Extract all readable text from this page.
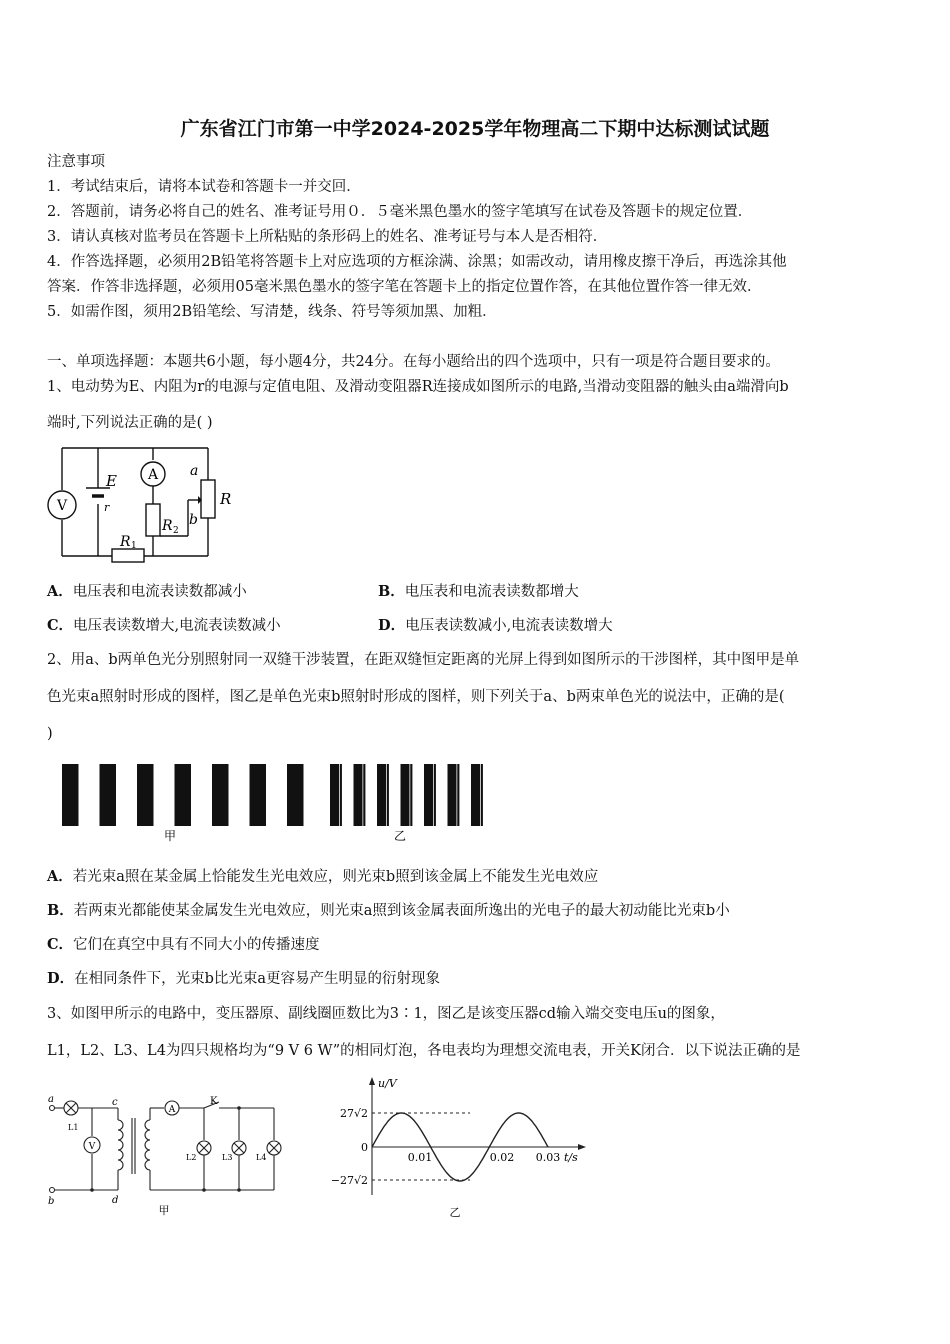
广东省江门市第一中学2024-2025学年物理高二下期中达标测试试题
注意事项
1．考试结束后，请将本试卷和答题卡一并交回．
2．答题前，请务必将自己的姓名、准考证号用０．５毫米黑色墨水的签字笔填写在试卷及答题卡的规定位置．
3．请认真核对监考员在答题卡上所粘贴的条形码上的姓名、准考证号与本人是否相符．
4．作答选择题，必须用2B铅笔将答题卡上对应选项的方框涂满、涂黑；如需改动，请用橡皮擦干净后，再选涂其他
答案．作答非选择题，必须用05毫米黑色墨水的签字笔在答题卡上的指定位置作答，在其他位置作答一律无效．
5．如需作图，须用2B铅笔绘、写清楚，线条、符号等须加黑、加粗．
一、单项选择题：本题共6小题，每小题4分，共24分。在每小题给出的四个选项中，只有一项是符合题目要求的。
1、电动势为E、内阻为r的电源与定值电阻、及滑动变阻器R连接成如图所示的电路,当滑动变阻器的触头由a端滑向b
端时,下列说法正确的是( )
V
A
E
r
a
b
R
R 1
R 2
A．电压表和电流表读数都减小	B．电压表和电流表读数都增大
C．电压表读数增大,电流表读数减小	D．电压表读数减小,电流表读数增大
2、用a、b两单色光分别照射同一双缝干涉装置，在距双缝恒定距离的光屏上得到如图所示的干涉图样，其中图甲是单
色光束a照射时形成的图样，图乙是单色光束b照射时形成的图样，则下列关于a、b两束单色光的说法中，正确的是(
)
甲	乙
A．若光束a照在某金属上恰能发生光电效应，则光束b照到该金属上不能发生光电效应
B．若两束光都能使某金属发生光电效应，则光束a照到该金属表面所逸出的光电子的最大初动能比光束b小
C．它们在真空中具有不同大小的传播速度
D．在相同条件下，光束b比光束a更容易产生明显的衍射现象
3、如图甲所示的电路中，变压器原、副线圈匝数比为3∶1，图乙是该变压器cd输入端交变电压u的图象，
L1，L2、L3、L4为四只规格均为“9 V 6 W”的相同灯泡，各电表均为理想交流电表，开关K闭合．以下说法正确的是
a
b
c
d
K
L1
L2	L3	L4
V
A
甲
u/V
t/s
27√2
−27√2
0
0.01	0.02 0.03
乙
